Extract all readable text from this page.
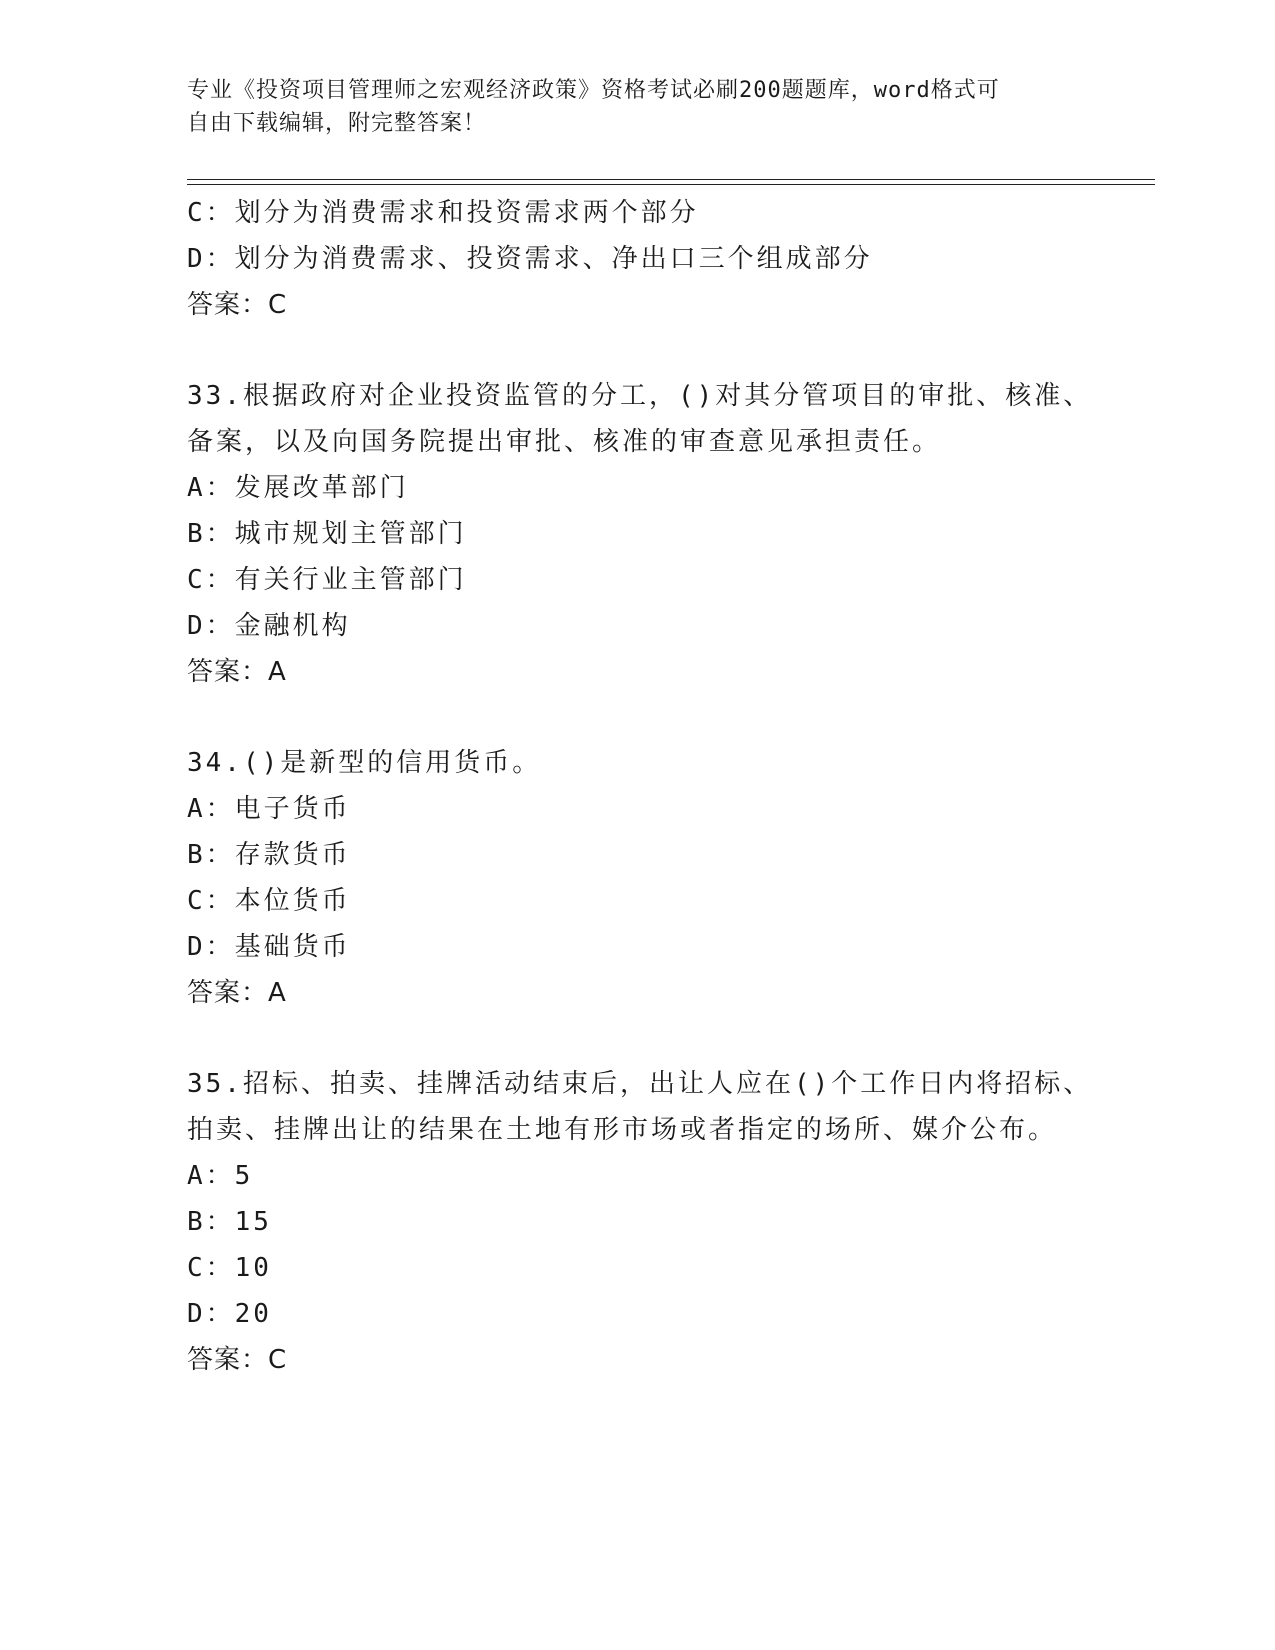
专业《投资项目管理师之宏观经济政策》资格考试必刷200题题库，word格式可
自由下载编辑，附完整答案！
C：划分为消费需求和投资需求两个部分
D：划分为消费需求、投资需求、净出口三个组成部分
答案：C
33.根据政府对企业投资监管的分工，()对其分管项目的审批、核准、
备案，以及向国务院提出审批、核准的审查意见承担责任。
A：发展改革部门
B：城市规划主管部门
C：有关行业主管部门
D：金融机构
答案：A
34.()是新型的信用货币。
A：电子货币
B：存款货币
C：本位货币
D：基础货币
答案：A
35.招标、拍卖、挂牌活动结束后，出让人应在()个工作日内将招标、
拍卖、挂牌出让的结果在土地有形市场或者指定的场所、媒介公布。
A：5
B：15
C：10
D：20
答案：C
